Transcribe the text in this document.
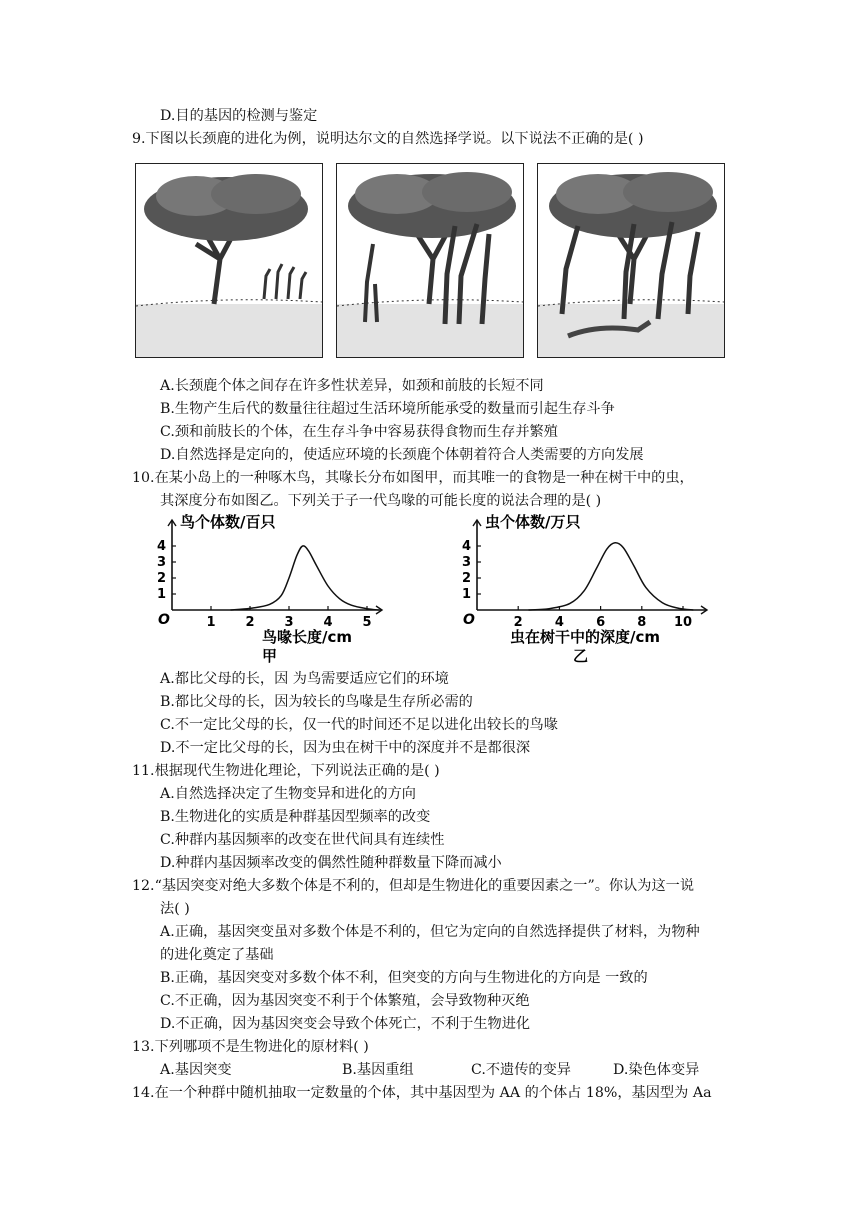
D.目的基因的检测与鉴定
9.下图以长颈鹿的进化为例，说明达尔文的自然选择学说。以下说法不正确的是( )
A.长颈鹿个体之间存在许多性状差异，如颈和前肢的长短不同
B.生物产生后代的数量往往超过生活环境所能承受的数量而引起生存斗争
C.颈和前肢长的个体，在生存斗争中容易获得食物而生存并繁殖
D.自然选择是定向的，使适应环境的长颈鹿个体朝着符合人类需要的方向发展
10.在某小岛上的一种啄木鸟，其喙长分布如图甲，而其唯一的食物是一种在树干中的虫，
其深度分布如图乙。下列关于子一代鸟喙的可能长度的说法合理的是( )
鸟个体数/百只
鸟喙长度/cm
甲
O	1 2 3 4 5
1
2
3
4
虫个体数/万只
虫在树干中的深度/cm
乙
O	2 4 6 8 10
1
2
3
4
A.都比父母的长，因 为鸟需要适应它们的环境
B.都比父母的长，因为较长的鸟喙是生存所必需的
C.不一定比父母的长，仅一代的时间还不足以进化出较长的鸟喙
D.不一定比父母的长，因为虫在树干中的深度并不是都很深
11.根据现代生物进化理论，下列说法正确的是( )
A.自然选择决定了生物变异和进化的方向
B.生物进化的实质是种群基因型频率的改变
C.种群内基因频率的改变在世代间具有连续性
D.种群内基因频率改变的偶然性随种群数量下降而减小
12.“基因突变对绝大多数个体是不利的，但却是生物进化的重要因素之一”。你认为这一说
法( )
A.正确，基因突变虽对多数个体是不利的，但它为定向的自然选择提供了材料，为物种
的进化奠定了基础
B.正确，基因突变对多数个体不利，但突变的方向与生物进化的方向是 一致的
C.不正确，因为基因突变不利于个体繁殖，会导致物种灭绝
D.不正确，因为基因突变会导致个体死亡，不利于生物进化
13.下列哪项不是生物进化的原材料( )
A.基因突变	B.基因重组	C.不遗传的变异	D.染色体变异
14.在一个种群中随机抽取一定数量的个体，其中基因型为 AA 的个体占 18%，基因型为 Aa
